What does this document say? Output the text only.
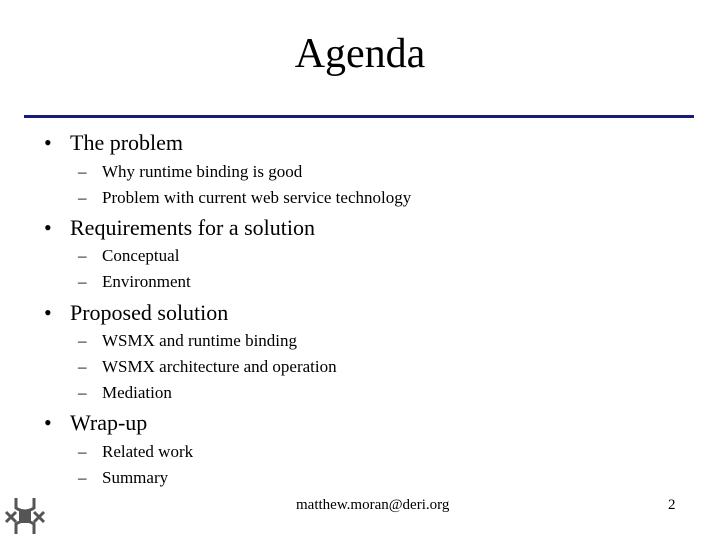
Agenda
• The problem
– Why runtime binding is good
– Problem with current web service technology
• Requirements for a solution
– Conceptual
– Environment
• Proposed solution
– WSMX and runtime binding
– WSMX architecture and operation
– Mediation
• Wrap-up
– Related work
– Summary
matthew.moran@deri.org	2
